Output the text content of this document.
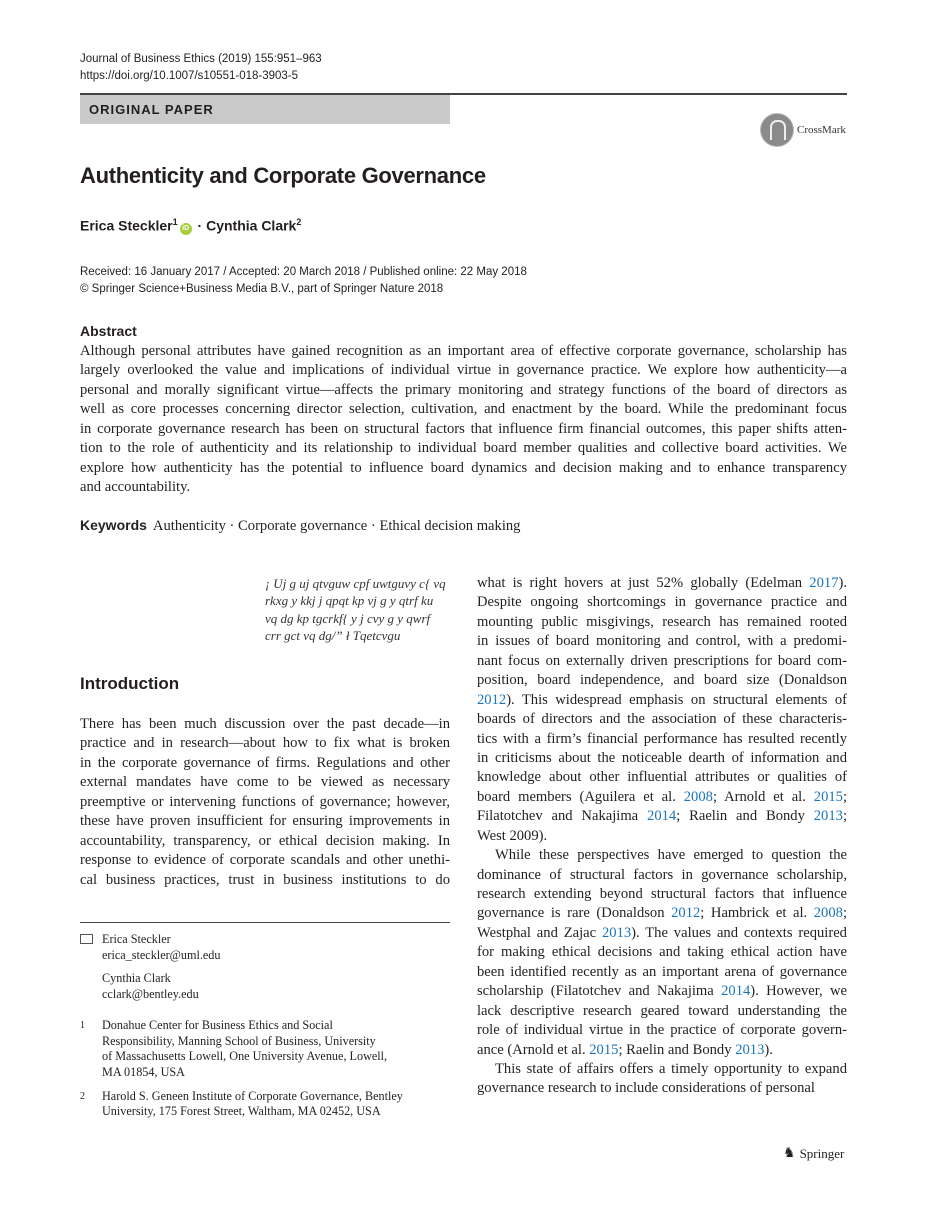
Journal of Business Ethics (2019) 155:951–963
https://doi.org/10.1007/s10551-018-3903-5
ORIGINAL PAPER
CrossMark
Authenticity and Corporate Governance
Erica Steckler$^1$iD · Cynthia Clark$^2$
Received: 16 January 2017 / Accepted: 20 March 2018 / Published online: 22 May 2018
© Springer Science+Business Media B.V., part of Springer Nature 2018
Abstract
Although personal attributes have gained recognition as an important area of effective corporate governance, scholarship has
largely overlooked the value and implications of individual virtue in governance practice. We explore how authenticity—a
personal and morally significant virtue—affects the primary monitoring and strategy functions of the board of directors as
well as core processes concerning director selection, cultivation, and enactment by the board. While the predominant focus
in corporate governance research has been on structural factors that influence firm financial outcomes, this paper shifts atten-
tion to the role of authenticity and its relationship to individual board member qualities and collective board activities. We
explore how authenticity has the potential to influence board dynamics and decision making and to enhance transparency
and accountability.
Keywords Authenticity · Corporate governance · Ethical decision making
¡ Uj g uj qtvguw cpf uwtguvy c{ vq
rkxg y kkj j qpqt kp vj g y qtrf ku
vq dg kp tgcrkf{ y j cvy g y qwrf
crr gct vq dg/” ł Tqetcvgu
Introduction
There has been much discussion over the past decade—in
practice and in research—about how to fix what is broken
in the corporate governance of firms. Regulations and other
external mandates have come to be viewed as necessary
preemptive or intervening functions of governance; however,
these have proven insufficient for ensuring improvements in
accountability, transparency, or ethical decision making. In
response to evidence of corporate scandals and other unethi-
cal business practices, trust in business institutions to do
what is right hovers at just 52% globally (Edelman 2017).
Despite ongoing shortcomings in governance practice and
mounting public misgivings, research has remained rooted
in issues of board monitoring and control, with a predomi-
nant focus on externally driven prescriptions for board com-
position, board independence, and board size (Donaldson
2012). This widespread emphasis on structural elements of
boards of directors and the association of these characteris-
tics with a firm’s financial performance has resulted recently
in criticisms about the noticeable dearth of information and
knowledge about other influential attributes or qualities of
board members (Aguilera et al. 2008; Arnold et al. 2015;
Filatotchev and Nakajima 2014; Raelin and Bondy 2013;
West 2009).
While these perspectives have emerged to question the
dominance of structural factors in governance scholarship,
research extending beyond structural factors that influence
governance is rare (Donaldson 2012; Hambrick et al. 2008;
Westphal and Zajac 2013). The values and contexts required
for making ethical decisions and taking ethical action have
been identified recently as an important arena of governance
scholarship (Filatotchev and Nakajima 2014). However, we
lack descriptive research geared toward understanding the
role of individual virtue in the practice of corporate govern-
ance (Arnold et al. 2015; Raelin and Bondy 2013).
This state of affairs offers a timely opportunity to expand
governance research to include considerations of personal
Erica Steckler
erica_steckler@uml.edu
Cynthia Clark
cclark@bentley.edu
1	Donahue Center for Business Ethics and Social
Responsibility, Manning School of Business, University
of Massachusetts Lowell, One University Avenue, Lowell,
MA 01854, USA
2	Harold S. Geneen Institute of Corporate Governance, Bentley
University, 175 Forest Street, Waltham, MA 02452, USA
♞ Springer
